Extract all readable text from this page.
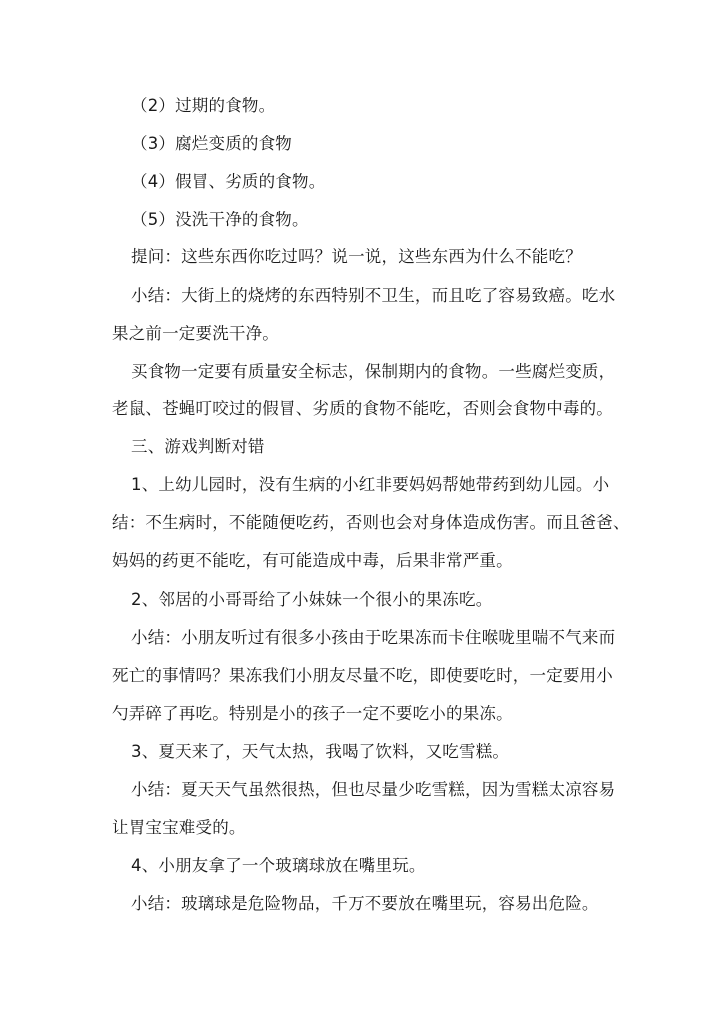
（2）过期的食物。
（3）腐烂变质的食物
（4）假冒、劣质的食物。
（5）没洗干净的食物。
提问：这些东西你吃过吗？说一说，这些东西为什么不能吃？
小结：大街上的烧烤的东西特别不卫生，而且吃了容易致癌。吃水
果之前一定要洗干净。
买食物一定要有质量安全标志，保制期内的食物。一些腐烂变质，
老鼠、苍蝇叮咬过的假冒、劣质的食物不能吃，否则会食物中毒的。
三、游戏判断对错
1、上幼儿园时，没有生病的小红非要妈妈帮她带药到幼儿园。小
结：不生病时，不能随便吃药，否则也会对身体造成伤害。而且爸爸、
妈妈的药更不能吃，有可能造成中毒，后果非常严重。
2、邻居的小哥哥给了小妹妹一个很小的果冻吃。
小结：小朋友听过有很多小孩由于吃果冻而卡住喉咙里喘不气来而
死亡的事情吗？果冻我们小朋友尽量不吃，即使要吃时，一定要用小
勺弄碎了再吃。特别是小的孩子一定不要吃小的果冻。
3、夏天来了，天气太热，我喝了饮料，又吃雪糕。
小结：夏天天气虽然很热，但也尽量少吃雪糕，因为雪糕太凉容易
让胃宝宝难受的。
4、小朋友拿了一个玻璃球放在嘴里玩。
小结：玻璃球是危险物品，千万不要放在嘴里玩，容易出危险。
